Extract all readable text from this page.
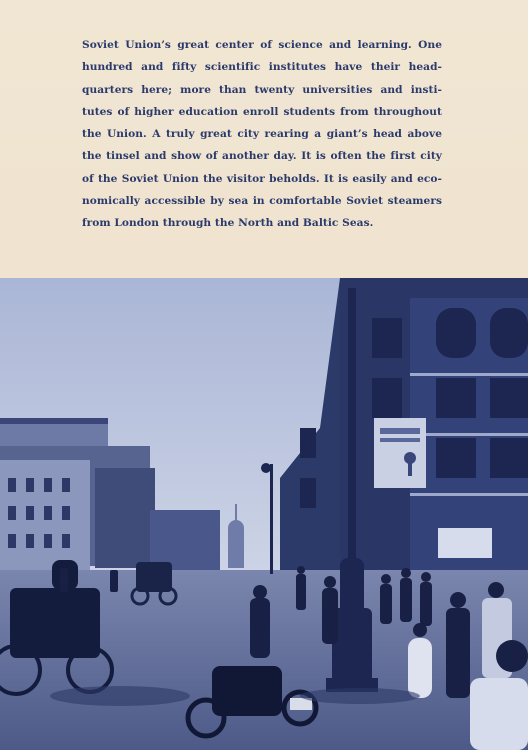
Soviet Union’s great center of science and learning. One
hundred and fifty scientific institutes have their head-
quarters here; more than twenty universities and insti-
tutes of higher education enroll students from throughout
the Union. A truly great city rearing a giant’s head above
the tinsel and show of another day. It is often the first city
of the Soviet Union the visitor beholds. It is easily and eco-
nomically accessible by sea in comfortable Soviet steamers
from London through the North and Baltic Seas.
